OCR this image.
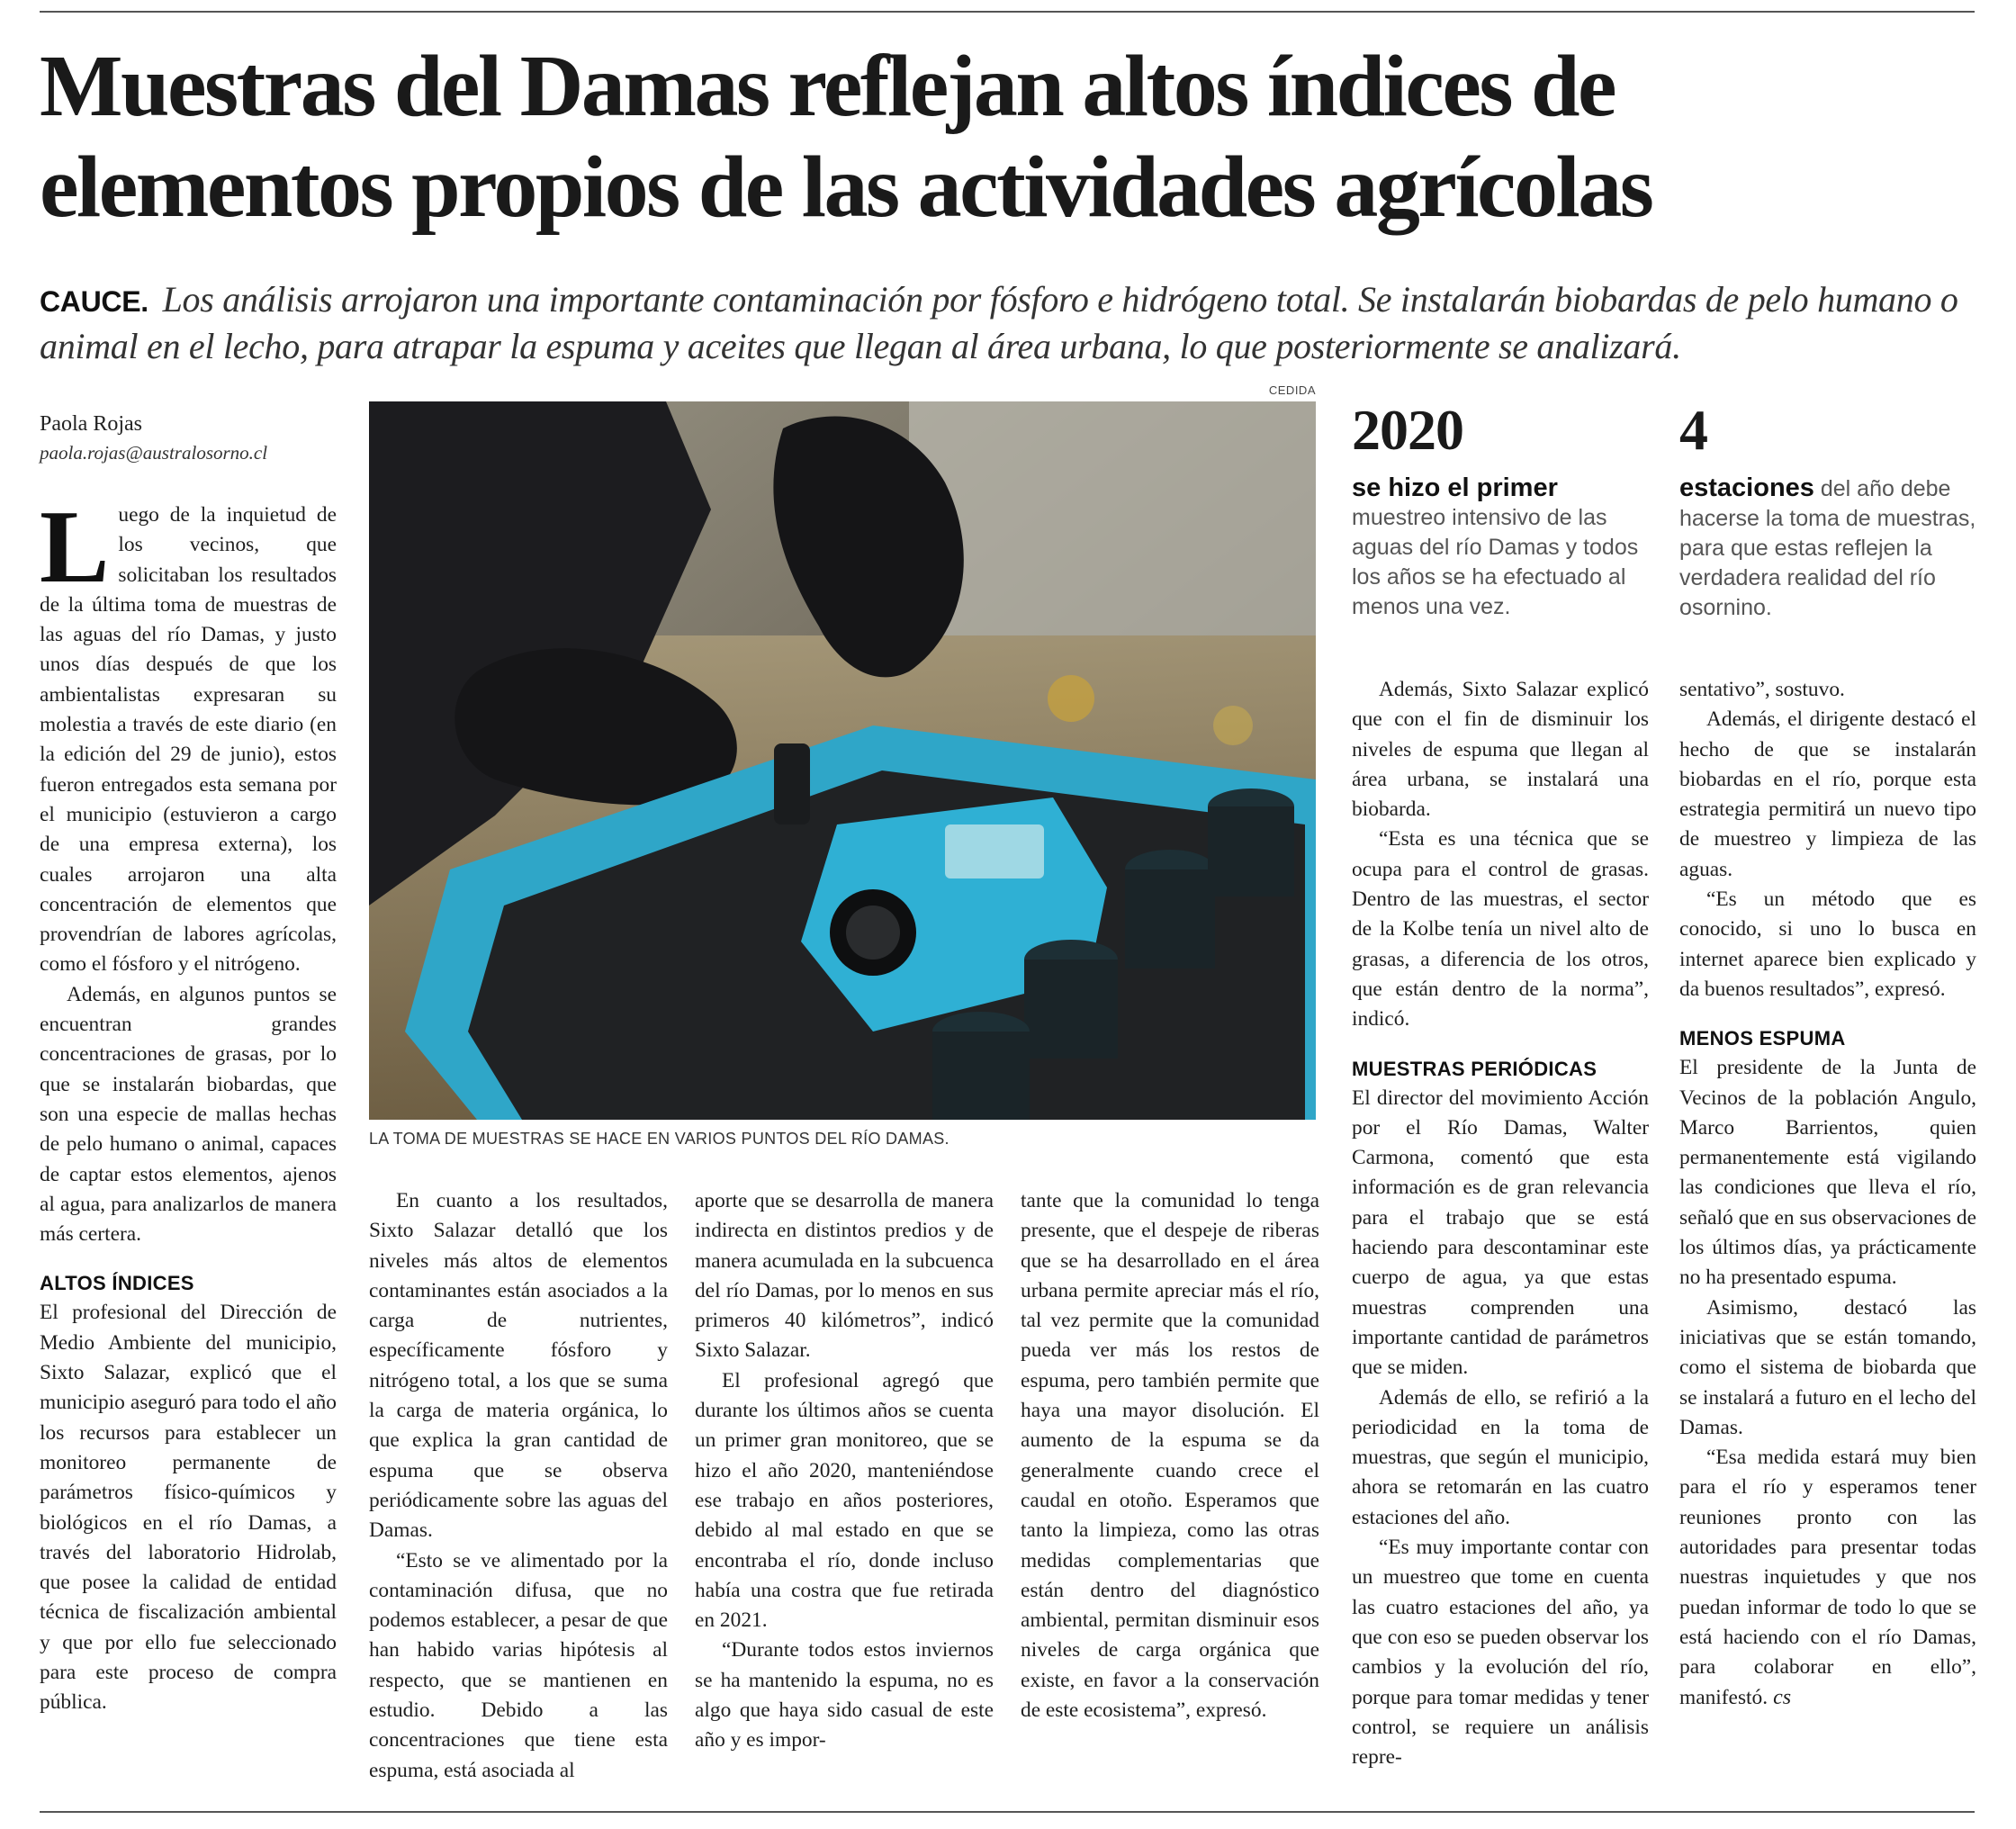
Muestras del Damas reflejan altos índices de
elementos propios de las actividades agrícolas
CAUCE. Los análisis arrojaron una importante contaminación por fósforo e hidrógeno total. Se instalarán biobardas de pelo humano o animal en el lecho, para atrapar la espuma y aceites que llegan al área urbana, lo que posteriormente se analizará.
Paola Rojas
paola.rojas@australosorno.cl

Luego de la inquietud de los vecinos, que solicitaban los resultados de la última toma de muestras de las aguas del río Damas, y justo unos días después de que los ambientalistas expresaran su molestia a través de este diario (en la edición del 29 de junio), estos fueron entregados esta semana por el municipio (estuvieron a cargo de una empresa externa), los cuales arrojaron una alta concentración de elementos que provendrían de labores agrícolas, como el fósforo y el nitrógeno.

Además, en algunos puntos se encuentran grandes concentraciones de grasas, por lo que se instalarán biobardas, que son una especie de mallas hechas de pelo humano o animal, capaces de captar estos elementos, ajenos al agua, para analizarlos de manera más certera.

ALTOS ÍNDICES

El profesional del Dirección de Medio Ambiente del municipio, Sixto Salazar, explicó que el municipio aseguró para todo el año los recursos para establecer un monitoreo permanente de parámetros físico-químicos y biológicos en el río Damas, a través del laboratorio Hidrolab, que posee la calidad de entidad técnica de fiscalización ambiental y que por ello fue seleccionado para este proceso de compra pública.

CEDIDA
LA TOMA DE MUESTRAS SE HACE EN VARIOS PUNTOS DEL RÍO DAMAS.

En cuanto a los resultados, Sixto Salazar detalló que los niveles más altos de elementos contaminantes están asociados a la carga de nutrientes, específicamente fósforo y nitrógeno total, a los que se suma la carga de materia orgánica, lo que explica la gran cantidad de espuma que se observa periódicamente sobre las aguas del Damas.

“Esto se ve alimentado por la contaminación difusa, que no podemos establecer, a pesar de que han habido varias hipótesis al respecto, que se mantienen en estudio. Debido a las concentraciones que tiene esta espuma, está asociada al

aporte que se desarrolla de manera indirecta en distintos predios y de manera acumulada en la subcuenca del río Damas, por lo menos en sus primeros 40 kilómetros”, indicó Sixto Salazar.

El profesional agregó que durante los últimos años se cuenta un primer gran monitoreo, que se hizo el año 2020, manteniéndose ese trabajo en años posteriores, debido al mal estado en que se encontraba el río, donde incluso había una costra que fue retirada en 2021.

“Durante todos estos inviernos se ha mantenido la espuma, no es algo que haya sido casual de este año y es impor-

tante que la comunidad lo tenga presente, que el despeje de riberas que se ha desarrollado en el área urbana permite apreciar más el río, tal vez permite que la comunidad pueda ver más los restos de espuma, pero también permite que haya una mayor disolución. El aumento de la espuma se da generalmente cuando crece el caudal en otoño. Esperamos que tanto la limpieza, como las otras medidas complementarias que están dentro del diagnóstico ambiental, permitan disminuir esos niveles de carga orgánica que existe, en favor a la conservación de este ecosistema”, expresó.

2020
se hizo el primer
muestreo intensivo de las aguas del río Damas y todos los años se ha efectuado al menos una vez.
4
estaciones del año debe hacerse la toma de muestras, para que estas reflejen la verdadera realidad del río osornino.

Además, Sixto Salazar explicó que con el fin de disminuir los niveles de espuma que llegan al área urbana, se instalará una biobarda.

“Esta es una técnica que se ocupa para el control de grasas. Dentro de las muestras, el sector de la Kolbe tenía un nivel alto de grasas, a diferencia de los otros, que están dentro de la norma”, indicó.

MUESTRAS PERIÓDICAS

El director del movimiento Acción por el Río Damas, Walter Carmona, comentó que esta información es de gran relevancia para el trabajo que se está haciendo para descontaminar este cuerpo de agua, ya que estas muestras comprenden una importante cantidad de parámetros que se miden.

Además de ello, se refirió a la periodicidad en la toma de muestras, que según el municipio, ahora se retomarán en las cuatro estaciones del año.

“Es muy importante contar con un muestreo que tome en cuenta las cuatro estaciones del año, ya que con eso se pueden observar los cambios y la evolución del río, porque para tomar medidas y tener control, se requiere un análisis repre-

sentativo”, sostuvo.

Además, el dirigente destacó el hecho de que se instalarán biobardas en el río, porque esta estrategia permitirá un nuevo tipo de muestreo y limpieza de las aguas.

“Es un método que es conocido, si uno lo busca en internet aparece bien explicado y da buenos resultados”, expresó.

MENOS ESPUMA

El presidente de la Junta de Vecinos de la población Angulo, Marco Barrientos, quien permanentemente está vigilando las condiciones que lleva el río, señaló que en sus observaciones de los últimos días, ya prácticamente no ha presentado espuma.

Asimismo, destacó las iniciativas que se están tomando, como el sistema de biobarda que se instalará a futuro en el lecho del Damas.

“Esa medida estará muy bien para el río y esperamos tener reuniones pronto con las autoridades para presentar todas nuestras inquietudes y que nos puedan informar de todo lo que se está haciendo con el río Damas, para colaborar en ello”, manifestó. cs
